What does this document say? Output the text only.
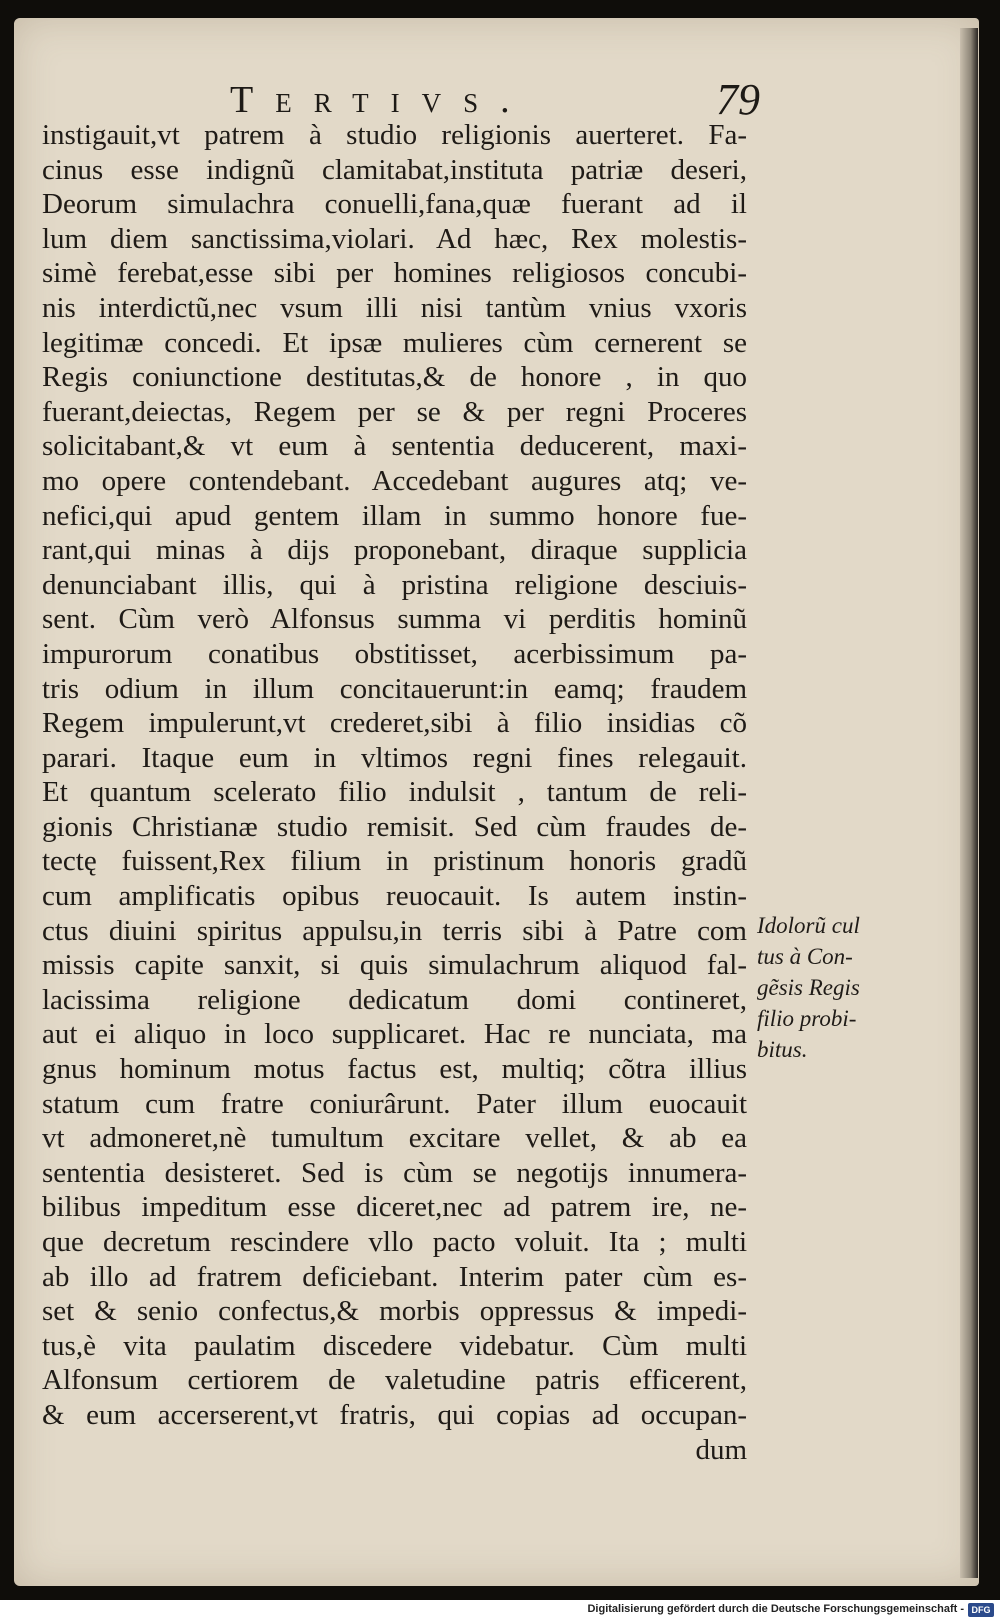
Tertivs.	79
instigauit,vt patrem à studio religionis auerteret. Fa-
cinus esse indignũ clamitabat,instituta patriæ deseri,
Deorum simulachra conuelli,fana,quæ fuerant ad il
lum diem sanctissima,violari. Ad hæc, Rex molestis-
simè ferebat,esse sibi per homines religiosos concubi-
nis interdictũ,nec vsum illi nisi tantùm vnius vxoris
legitimæ concedi. Et ipsæ mulieres cùm cernerent se
Regis coniunctione destitutas,& de honore , in quo
fuerant,deiectas, Regem per se & per regni Proceres
solicitabant,& vt eum à sententia deducerent, maxi-
mo opere contendebant. Accedebant augures atq; ve-
nefici,qui apud gentem illam in summo honore fue-
rant,qui minas à dijs proponebant, diraque supplicia
denunciabant illis, qui à pristina religione desciuis-
sent. Cùm verò Alfonsus summa vi perditis hominũ
impurorum conatibus obstitisset, acerbissimum pa-
tris odium in illum concitauerunt:in eamq; fraudem
Regem impulerunt,vt crederet,sibi à filio insidias cõ
parari. Itaque eum in vltimos regni fines relegauit.
Et quantum scelerato filio indulsit , tantum de reli-
gionis Christianæ studio remisit. Sed cùm fraudes de-
tectę fuissent,Rex filium in pristinum honoris gradũ
cum amplificatis opibus reuocauit. Is autem instin-
ctus diuini spiritus appulsu,in terris sibi à Patre com
missis capite sanxit, si quis simulachrum aliquod fal-
lacissima religione dedicatum domi contineret,
aut ei aliquo in loco supplicaret. Hac re nunciata, ma
gnus hominum motus factus est, multiq; cõtra illius
statum cum fratre coniurârunt. Pater illum euocauit
vt admoneret,nè tumultum excitare vellet, & ab ea
sententia desisteret. Sed is cùm se negotijs innumera-
bilibus impeditum esse diceret,nec ad patrem ire, ne-
que decretum rescindere vllo pacto voluit. Ita ; multi
ab illo ad fratrem deficiebant. Interim pater cùm es-
set & senio confectus,& morbis oppressus & impedi-
tus,è vita paulatim discedere videbatur. Cùm multi
Alfonsum certiorem de valetudine patris efficerent,
& eum accerserent,vt fratris, qui copias ad occupan-
dum
Idolorũ cul
tus à Con-
gẽsis Regis
filio probi-
bitus.
Digitalisierung gefördert durch die Deutsche Forschungsgemeinschaft - DFG
